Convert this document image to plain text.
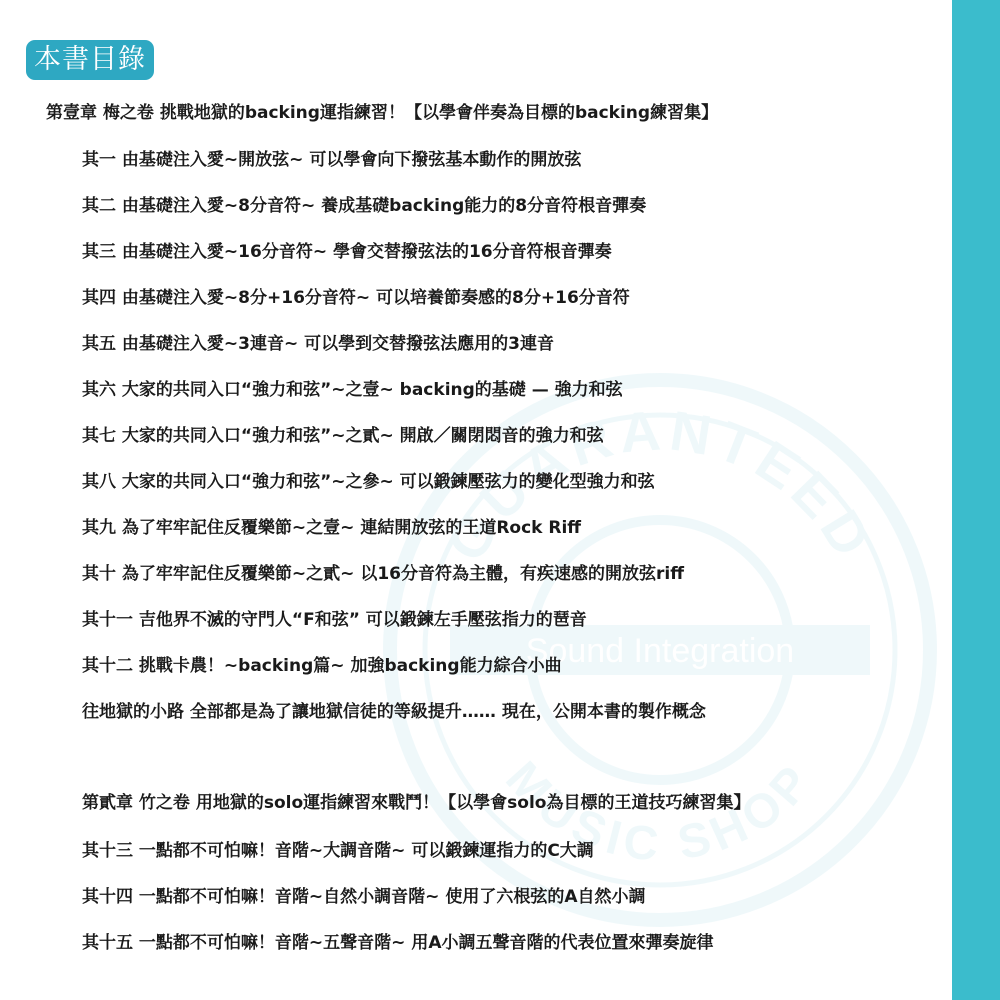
GUARANTEED
MUSIC SHOP
Sound Integration
本書目錄
第壹章 梅之卷 挑戰地獄的backing運指練習！【以學會伴奏為目標的backing練習集】
其一 由基礎注入愛~開放弦~ 可以學會向下撥弦基本動作的開放弦
其二 由基礎注入愛~8分音符~ 養成基礎backing能力的8分音符根音彈奏
其三 由基礎注入愛~16分音符~ 學會交替撥弦法的16分音符根音彈奏
其四 由基礎注入愛~8分+16分音符~ 可以培養節奏感的8分+16分音符
其五 由基礎注入愛~3連音~ 可以學到交替撥弦法應用的3連音
其六 大家的共同入口“強力和弦”~之壹~ backing的基礎 — 強力和弦
其七 大家的共同入口“強力和弦”~之貳~ 開啟／關閉悶音的強力和弦
其八 大家的共同入口“強力和弦”~之參~ 可以鍛鍊壓弦力的變化型強力和弦
其九 為了牢牢記住反覆樂節~之壹~ 連結開放弦的王道Rock Riff
其十 為了牢牢記住反覆樂節~之貳~ 以16分音符為主體，有疾速感的開放弦riff
其十一 吉他界不滅的守門人“F和弦” 可以鍛鍊左手壓弦指力的琶音
其十二 挑戰卡農！~backing篇~ 加強backing能力綜合小曲
往地獄的小路 全部都是為了讓地獄信徒的等級提升…… 現在，公開本書的製作概念
第貳章 竹之卷 用地獄的solo運指練習來戰鬥！【以學會solo為目標的王道技巧練習集】
其十三 一點都不可怕嘛！音階~大調音階~ 可以鍛鍊運指力的C大調
其十四 一點都不可怕嘛！音階~自然小調音階~ 使用了六根弦的A自然小調
其十五 一點都不可怕嘛！音階~五聲音階~ 用A小調五聲音階的代表位置來彈奏旋律
